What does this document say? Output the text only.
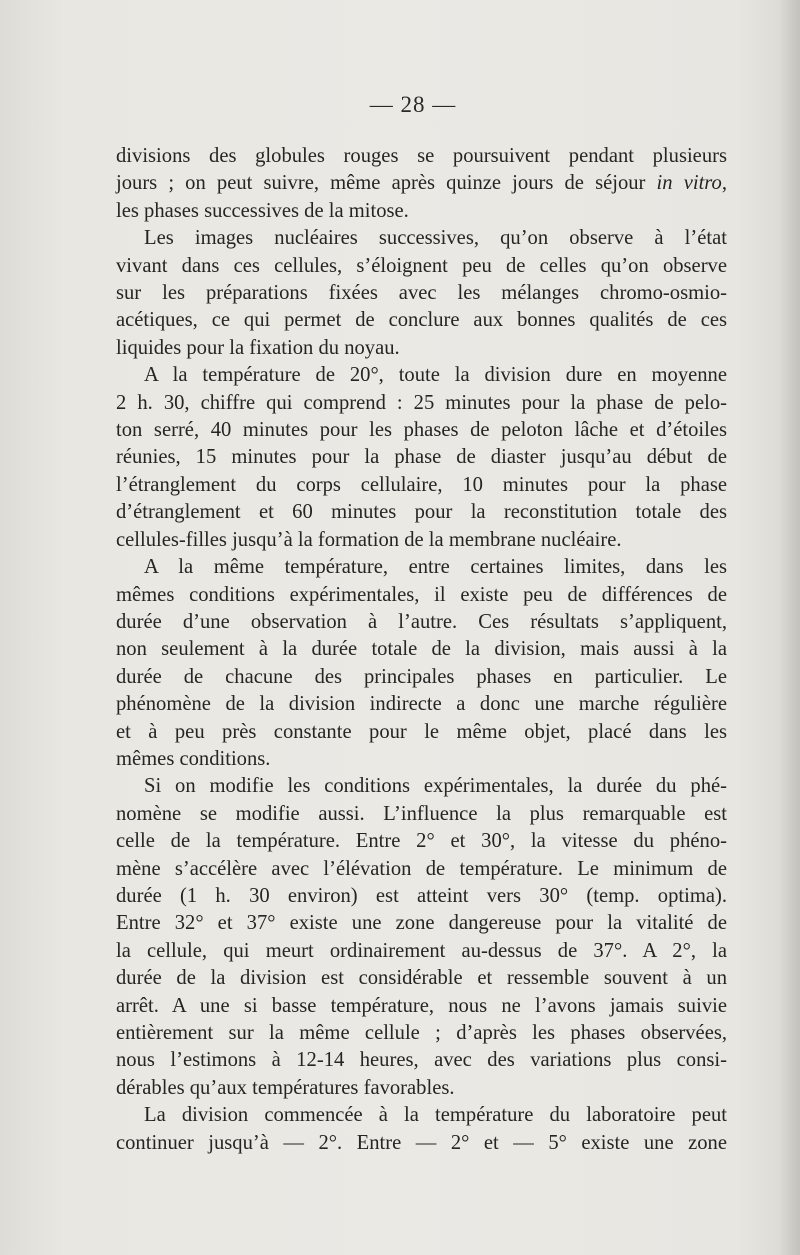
— 28 —
divisions des globules rouges se poursuivent pendant plusieurs
jours ; on peut suivre, même après quinze jours de séjour in vitro,
les phases successives de la mitose.
Les images nucléaires successives, qu’on observe à l’état
vivant dans ces cellules, s’éloignent peu de celles qu’on observe
sur les préparations fixées avec les mélanges chromo-osmio-
acétiques, ce qui permet de conclure aux bonnes qualités de ces
liquides pour la fixation du noyau.
A la température de 20°, toute la division dure en moyenne
2 h. 30, chiffre qui comprend : 25 minutes pour la phase de pelo-
ton serré, 40 minutes pour les phases de peloton lâche et d’étoiles
réunies, 15 minutes pour la phase de diaster jusqu’au début de
l’étranglement du corps cellulaire, 10 minutes pour la phase
d’étranglement et 60 minutes pour la reconstitution totale des
cellules-filles jusqu’à la formation de la membrane nucléaire.
A la même température, entre certaines limites, dans les
mêmes conditions expérimentales, il existe peu de différences de
durée d’une observation à l’autre. Ces résultats s’appliquent,
non seulement à la durée totale de la division, mais aussi à la
durée de chacune des principales phases en particulier. Le
phénomène de la division indirecte a donc une marche régulière
et à peu près constante pour le même objet, placé dans les
mêmes conditions.
Si on modifie les conditions expérimentales, la durée du phé-
nomène se modifie aussi. L’influence la plus remarquable est
celle de la température. Entre 2° et 30°, la vitesse du phéno-
mène s’accélère avec l’élévation de température. Le minimum de
durée (1 h. 30 environ) est atteint vers 30° (temp. optima).
Entre 32° et 37° existe une zone dangereuse pour la vitalité de
la cellule, qui meurt ordinairement au-dessus de 37°. A 2°, la
durée de la division est considérable et ressemble souvent à un
arrêt. A une si basse température, nous ne l’avons jamais suivie
entièrement sur la même cellule ; d’après les phases observées,
nous l’estimons à 12-14 heures, avec des variations plus consi-
dérables qu’aux températures favorables.
La division commencée à la température du laboratoire peut
continuer jusqu’à — 2°. Entre — 2° et — 5° existe une zone
